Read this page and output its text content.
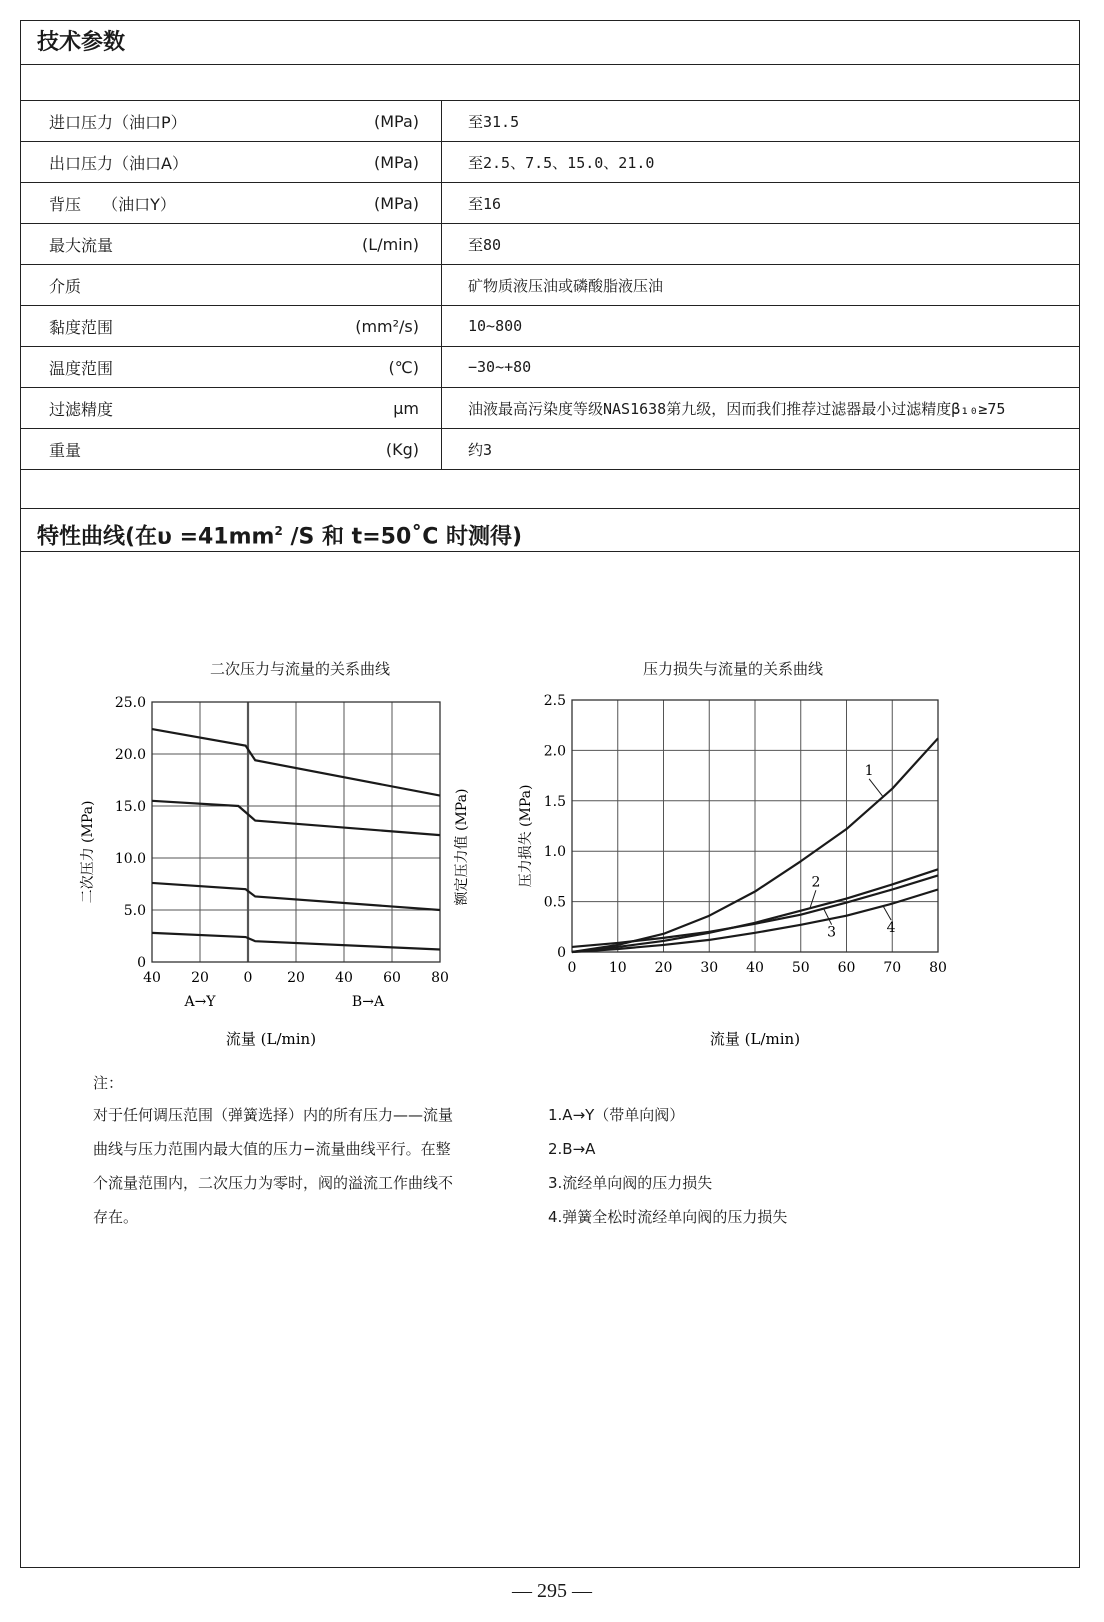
技术参数
进口压力（油口P）	(MPa)	至31.5
出口压力（油口A）	(MPa)	至2.5、7.5、15.0、21.0
背压　 （油口Y）	(MPa)	至16
最大流量	(L/min)	至80
介质		矿物质液压油或磷酸脂液压油
黏度范围	(mm²/s)	10~800
温度范围	(℃)	−30~+80
过滤精度	μm	油液最高污染度等级NAS1638第九级，因而我们推荐过滤器最小过滤精度β₁₀≥75
重量	(Kg)	约3
特性曲线(在$\upsilon =41mm^2$ /S 和 t=50˚C 时测得)
二次压力与流量的关系曲线	压力损失与流量的关系曲线
40 20 0 20 40 60 80
25.0
20.0
15.0
10.0
5.0
0
A→Y	B→A
流量 (L/min)
二次压力 (MPa)	额定压力值 (MPa)
0 10 20 30 40 50 60 70 80
2.5
2.0
1.5
1.0
0.5
0
1
2
3	4
流量 (L/min)
压力损失 (MPa)
注：
对于任何调压范围（弹簧选择）内的所有压力——流量
曲线与压力范围内最大值的压力−流量曲线平行。在整
个流量范围内，二次压力为零时，阀的溢流工作曲线不
存在。
1.A→Y（带单向阀）
2.B→A
3.流经单向阀的压力损失
4.弹簧全松时流经单向阀的压力损失
— 295 —
